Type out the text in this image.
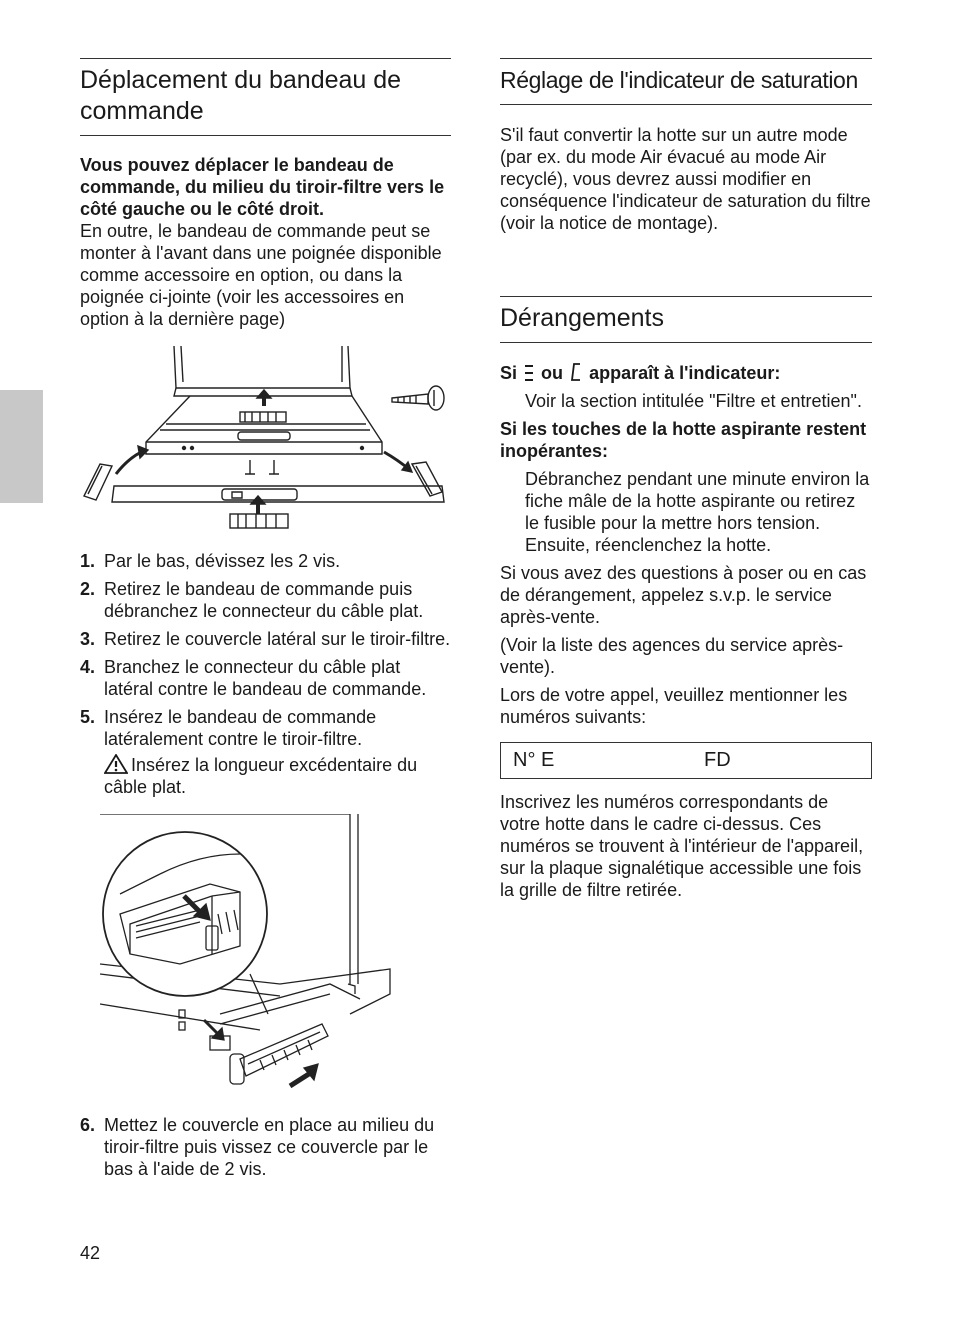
Déplacement du bandeau de commande

Vous pouvez déplacer le bandeau de commande, du milieu du tiroir-filtre vers le côté gauche ou le côté droit.

En outre, le bandeau de commande peut se monter à l'avant dans une poignée disponible comme accessoire en option, ou dans la poignée ci-jointe (voir les accessoires en option à la dernière page)

1. Par le bas, dévissez les 2 vis.
2. Retirez le bandeau de commande puis débranchez le connecteur du câble plat.
3. Retirez le couvercle latéral sur le tiroir-filtre.
4. Branchez le connecteur du câble plat latéral contre le bandeau de commande.
5. Insérez le bandeau de commande latéralement contre le tiroir-filtre.
Insérez la longueur excédentaire du câble plat.
6. Mettez le couvercle en place au milieu du tiroir-filtre puis vissez ce couvercle par le bas à l'aide de 2 vis.
Réglage de l'indicateur de saturation

S'il faut convertir la hotte sur un autre mode (par ex. du mode Air évacué au mode Air recyclé), vous devrez aussi modifier en conséquence l'indicateur de saturation du filtre (voir la notice de montage).

Dérangements

Si ou apparaît à l'indicateur:

Voir la section intitulée "Filtre et entretien".

Si les touches de la hotte aspirante restent inopérantes:

Débranchez pendant une minute environ la fiche mâle de la hotte aspirante ou retirez le fusible pour la mettre hors tension.

Ensuite, réenclenchez la hotte.

Si vous avez des questions à poser ou en cas de dérangement, appelez s.v.p. le service après-vente.

(Voir la liste des agences du service après-vente).

Lors de votre appel, veuillez mentionner les numéros suivants:

N° E	FD

Inscrivez les numéros correspondants de votre hotte dans le cadre ci-dessus. Ces numéros se trouvent à l'intérieur de l'appareil, sur la plaque signalétique accessible une fois la grille de filtre retirée.

42
